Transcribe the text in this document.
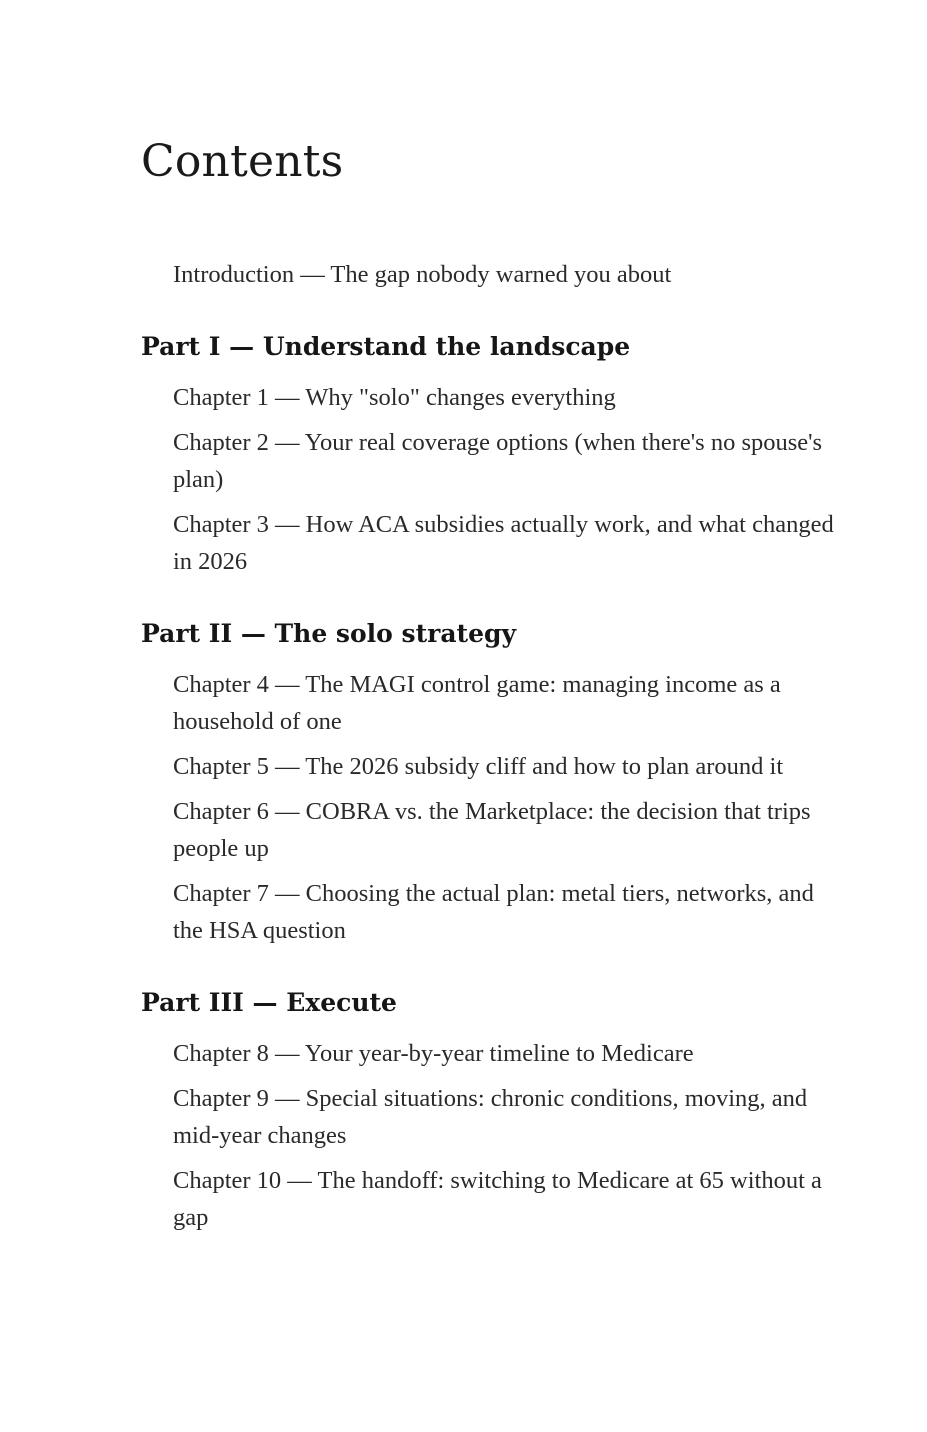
Contents
Introduction — The gap nobody warned you about
Part I — Understand the landscape
Chapter 1 — Why "solo" changes everything
Chapter 2 — Your real coverage options (when there's no spouse's plan)
Chapter 3 — How ACA subsidies actually work, and what changed in 2026
Part II — The solo strategy
Chapter 4 — The MAGI control game: managing income as a household of one
Chapter 5 — The 2026 subsidy cliff and how to plan around it
Chapter 6 — COBRA vs. the Marketplace: the decision that trips people up
Chapter 7 — Choosing the actual plan: metal tiers, networks, and the HSA question
Part III — Execute
Chapter 8 — Your year-by-year timeline to Medicare
Chapter 9 — Special situations: chronic conditions, moving, and mid-year changes
Chapter 10 — The handoff: switching to Medicare at 65 without a gap
